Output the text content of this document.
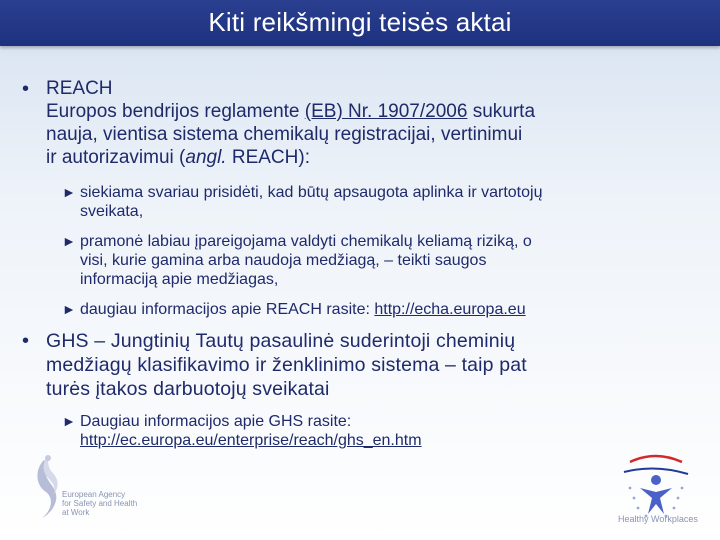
Kiti reikšmingi teisės aktai
• REACH
Europos bendrijos reglamente (EB) Nr. 1907/2006 sukurta
nauja, vientisa sistema chemikalų registracijai, vertinimui
ir autorizavimui (angl. REACH):
► siekiama svariau prisidėti, kad būtų apsaugota aplinka ir vartotojų
sveikata,
► pramonė labiau įpareigojama valdyti chemikalų keliamą riziką, o
visi, kurie gamina arba naudoja medžiagą, – teikti saugos
informaciją apie medžiagas,
► daugiau informacijos apie REACH rasite: http://echa.europa.eu
• GHS – Jungtinių Tautų pasaulinė suderintoji cheminių
medžiagų klasifikavimo ir ženklinimo sistema – taip pat
turės įtakos darbuotojų sveikatai
► Daugiau informacijos apie GHS rasite:
http://ec.europa.eu/enterprise/reach/ghs_en.htm
European Agency
for Safety and Health
at Work
Healthy Workplaces
